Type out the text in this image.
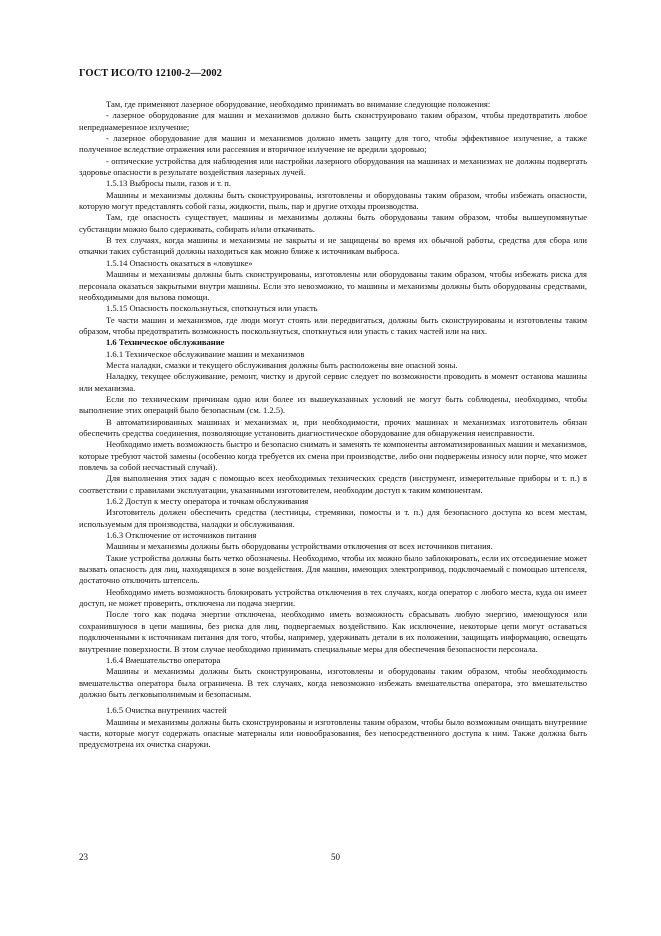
ГОСТ ИСО/ТО 12100-2—2002

Там, где применяют лазерное оборудование, необходимо принимать во внимание следующие положения:

- лазерное оборудование для машин и механизмов должно быть сконструировано таким образом, чтобы предотвратить любое непреднамеренное излучение;

- лазерное оборудование для машин и механизмов должно иметь защиту для того, чтобы эффективное излучение, а также полученное вследствие отражения или рассеяния и вторичное излучение не вредили здоровью;

- оптические устройства для наблюдения или настройки лазерного оборудования на машинах и механизмах не должны подвергать здоровье опасности в результате воздействия лазерных лучей.

1.5.13 Выбросы пыли, газов и т. п.

Машины и механизмы должны быть сконструированы, изготовлены и оборудованы таким образом, чтобы избежать опасности, которую могут представлять собой газы, жидкости, пыль, пар и другие отходы производства.

Там, где опасность существует, машины и механизмы должны быть оборудованы таким образом, чтобы вышеупомянутые субстанции можно было сдерживать, собирать и/или откачивать.

В тех случаях, когда машины и механизмы не закрыты и не защищены во время их обычной работы, средства для сбора или откачки таких субстанций должны находиться как можно ближе к источникам выброса.

1.5.14 Опасность оказаться в «ловушке»

Машины и механизмы должны быть сконструированы, изготовлены или оборудованы таким образом, чтобы избежать риска для персонала оказаться закрытыми внутри машины. Если это невозможно, то машины и механизмы должны быть оборудованы средствами, необходимыми для вызова помощи.

1.5.15 Опасность поскользнуться, споткнуться или упасть

Те части машин и механизмов, где люди могут стоять или передвигаться, должны быть сконструированы и изготовлены таким образом, чтобы предотвратить возможность поскользнуться, споткнуться или упасть с таких частей или на них.

1.6 Техническое обслуживание

1.6.1 Техническое обслуживание машин и механизмов

Места наладки, смазки и текущего обслуживания должны быть расположены вне опасной зоны.

Наладку, текущее обслуживание, ремонт, чистку и другой сервис следует по возможности проводить в момент останова машины или механизма.

Если по техническим причинам одно или более из вышеуказанных условий не могут быть соблюдены, необходимо, чтобы выполнение этих операций было безопасным (см. 1.2.5).

В автоматизированных машинах и механизмах и, при необходимости, прочих машинах и механизмах изготовитель обязан обеспечить средства соединения, позволяющие установить диагностическое оборудование для обнаружения неисправности.

Необходимо иметь возможность быстро и безопасно снимать и заменять те компоненты автоматизированных машин и механизмов, которые требуют частой замены (особенно когда требуется их смена при производстве, либо они подвержены износу или порче, что может повлечь за собой несчастный случай).

Для выполнения этих задач с помощью всех необходимых технических средств (инструмент, измерительные приборы и т. п.) в соответствии с правилами эксплуатации, указанными изготовителем, необходим доступ к таким компонентам.

1.6.2 Доступ к месту оператора и точкам обслуживания

Изготовитель должен обеспечить средства (лестницы, стремянки, помосты и т. п.) для безопасного доступа ко всем местам, используемым для производства, наладки и обслуживания.

1.6.3 Отключение от источников питания

Машины и механизмы должны быть оборудованы устройствами отключения от всех источников питания.

Такие устройства должны быть четко обозначены. Необходимо, чтобы их можно было заблокировать, если их отсоединение может вызвать опасность для лиц, находящихся в зоне воздействия. Для машин, имеющих электропривод, подключаемый с помощью штепселя, достаточно отключить штепсель.

Необходимо иметь возможность блокировать устройства отключения в тех случаях, когда оператор с любого места, куда он имеет доступ, не может проверить, отключена ли подача энергии.

После того как подача энергии отключена, необходимо иметь возможность сбрасывать любую энергию, имеющуюся или сохранившуюся в цепи машины, без риска для лиц, подвергаемых воздействию. Как исключение, некоторые цепи могут оставаться подключенными к источникам питания для того, чтобы, например, удерживать детали в их положении, защищать информацию, освещать внутренние поверхности. В этом случае необходимо принимать специальные меры для обеспечения безопасности персонала.

1.6.4 Вмешательство оператора

Машины и механизмы должны быть сконструированы, изготовлены и оборудованы таким образом, чтобы необходимость вмешательства оператора была ограничена. В тех случаях, когда невозможно избежать вмешательства оператора, это вмешательство должно быть легковыполнимым и безопасным.

1.6.5 Очистка внутренних частей

Машины и механизмы должны быть сконструированы и изготовлены таким образом, чтобы было возможным очищать внутренние части, которые могут содержать опасные материалы или новообразования, без непосредственного доступа к ним. Также должна быть предусмотрена их очистка снаружи.

23	50
